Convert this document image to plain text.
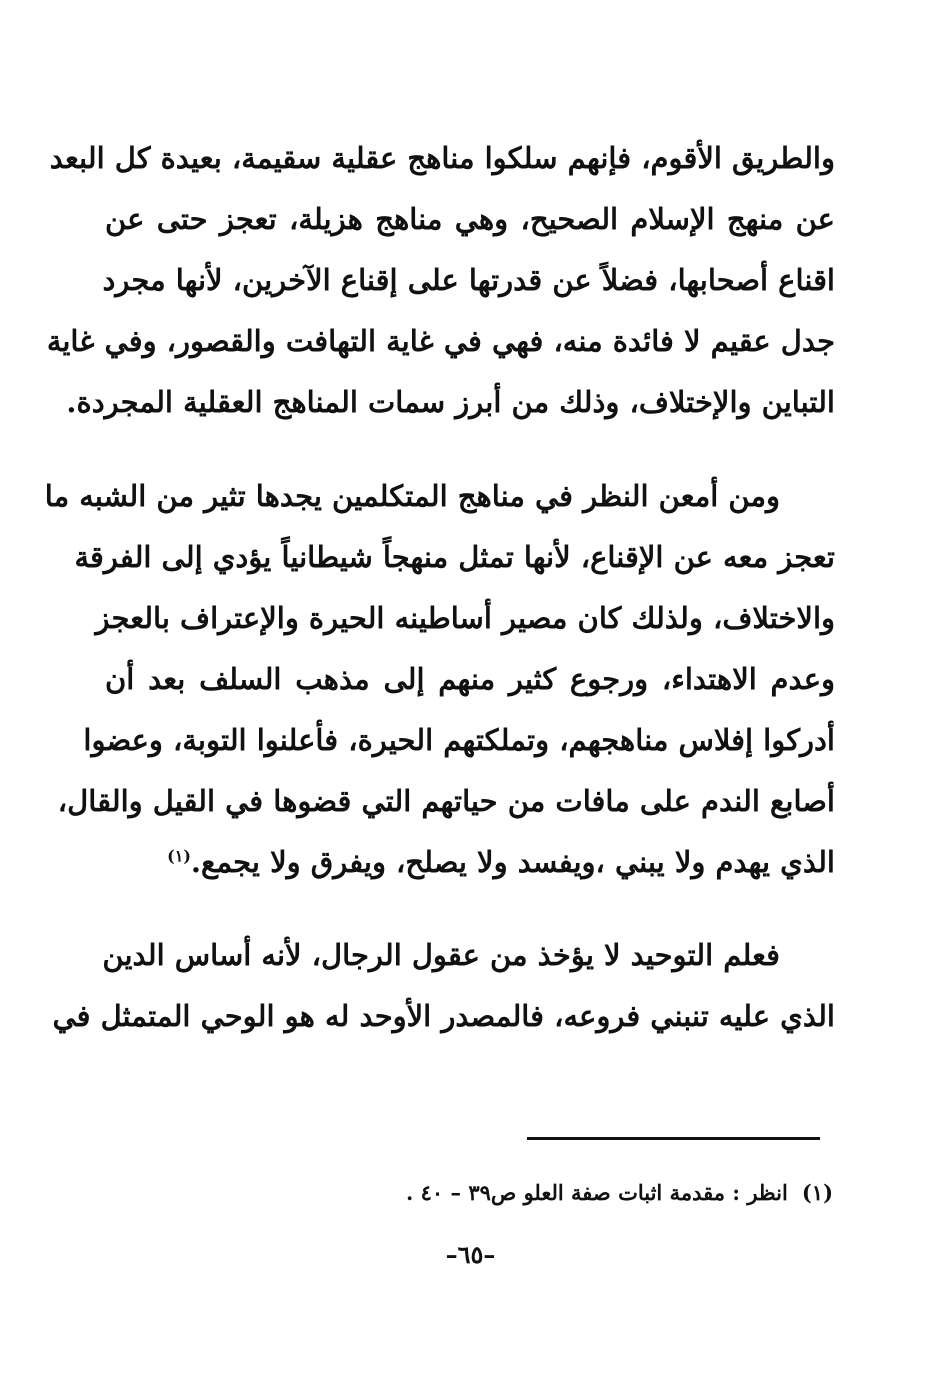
والطريق الأقوم، فإنهم سلكوا مناهج عقلية سقيمة، بعيدة كل البعد
عن منهج الإسلام الصحيح، وهي مناهج هزيلة، تعجز حتى عن
اقناع أصحابها، فضلاً عن قدرتها على إقناع الآخرين، لأنها مجرد
جدل عقيم لا فائدة منه، فهي في غاية التهافت والقصور، وفي غاية
التباين والإختلاف، وذلك من أبرز سمات المناهج العقلية المجردة.
ومن أمعن النظر في مناهج المتكلمين يجدها تثير من الشبه ما
تعجز معه عن الإقناع، لأنها تمثل منهجاً شيطانياً يؤدي إلى الفرقة
والاختلاف، ولذلك كان مصير أساطينه الحيرة والإعتراف بالعجز
وعدم الاهتداء، ورجوع كثير منهم إلى مذهب السلف بعد أن
أدركوا إفلاس مناهجهم، وتملكتهم الحيرة، فأعلنوا التوبة، وعضوا
أصابع الندم على مافات من حياتهم التي قضوها في القيل والقال،
الذي يهدم ولا يبني ،ويفسد ولا يصلح، ويفرق ولا يجمع.$^{(١)}$
فعلم التوحيد لا يؤخذ من عقول الرجال، لأنه أساس الدين
الذي عليه تنبني فروعه، فالمصدر الأوحد له هو الوحي المتمثل في
(١)انظر : مقدمة اثبات صفة العلو ص٣٩ – ٤٠ .
–٦٥–
